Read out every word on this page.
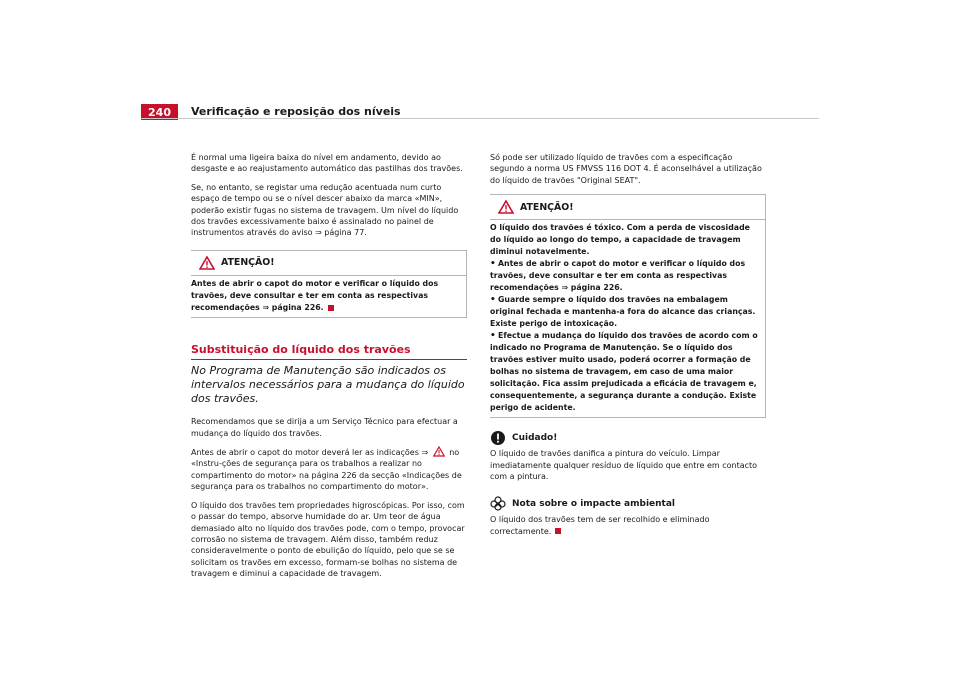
240	Verificação e reposição dos níveis

É normal uma ligeira baixa do nível em andamento, devido ao desgaste e ao reajustamento automático das pastilhas dos travões.

Se, no entanto, se registar uma redução acentuada num curto espaço de tempo ou se o nível descer abaixo da marca «MIN», poderão existir fugas no sistema de travagem. Um nível do líquido dos travões excessivamente baixo é assinalado no painel de instrumentos através do aviso ⇒ página 77.

ATENÇÃO!

Antes de abrir o capot do motor e verificar o líquido dos travões, deve consultar e ter em conta as respectivas recomendações ⇒ página 226.

Substituição do líquido dos travões
No Programa de Manutenção são indicados os intervalos necessários para a mudança do líquido dos travões.

Recomendamos que se dirija a um Serviço Técnico para efectuar a mudança do líquido dos travões.

Antes de abrir o capot do motor deverá ler as indicações ⇒	no «Instru-ções de segurança para os trabalhos a realizar no compartimento do motor» na página 226 da secção «Indicações de segurança para os trabalhos no compartimento do motor».

O líquido dos travões tem propriedades higroscópicas. Por isso, com o passar do tempo, absorve humidade do ar. Um teor de água demasiado alto no líquido dos travões pode, com o tempo, provocar corrosão no sistema de travagem. Além disso, também reduz consideravelmente o ponto de ebulição do líquido, pelo que se se solicitam os travões em excesso, formam-se bolhas no sistema de travagem e diminui a capacidade de travagem.

Só pode ser utilizado líquido de travões com a especificação segundo a norma US FMVSS 116 DOT 4. É aconselhável a utilização do líquido de travões "Original SEAT".

ATENÇÃO!

O líquido dos travões é tóxico. Com a perda de viscosidade do líquido ao longo do tempo, a capacidade de travagem diminui notavelmente.

• Antes de abrir o capot do motor e verificar o líquido dos travões, deve consultar e ter em conta as respectivas recomendações ⇒ página 226.

• Guarde sempre o líquido dos travões na embalagem original fechada e mantenha-a fora do alcance das crianças. Existe perigo de intoxicação.

• Efectue a mudança do líquido dos travões de acordo com o indicado no Programa de Manutenção. Se o líquido dos travões estiver muito usado, poderá ocorrer a formação de bolhas no sistema de travagem, em caso de uma maior solicitação. Fica assim prejudicada a eficácia de travagem e, consequentemente, a segurança durante a condução. Existe perigo de acidente.

Cuidado!

O líquido de travões danifica a pintura do veículo. Limpar imediatamente qualquer resíduo de líquido que entre em contacto com a pintura.

Nota sobre o impacte ambiental

O líquido dos travões tem de ser recolhido e eliminado correctamente.
